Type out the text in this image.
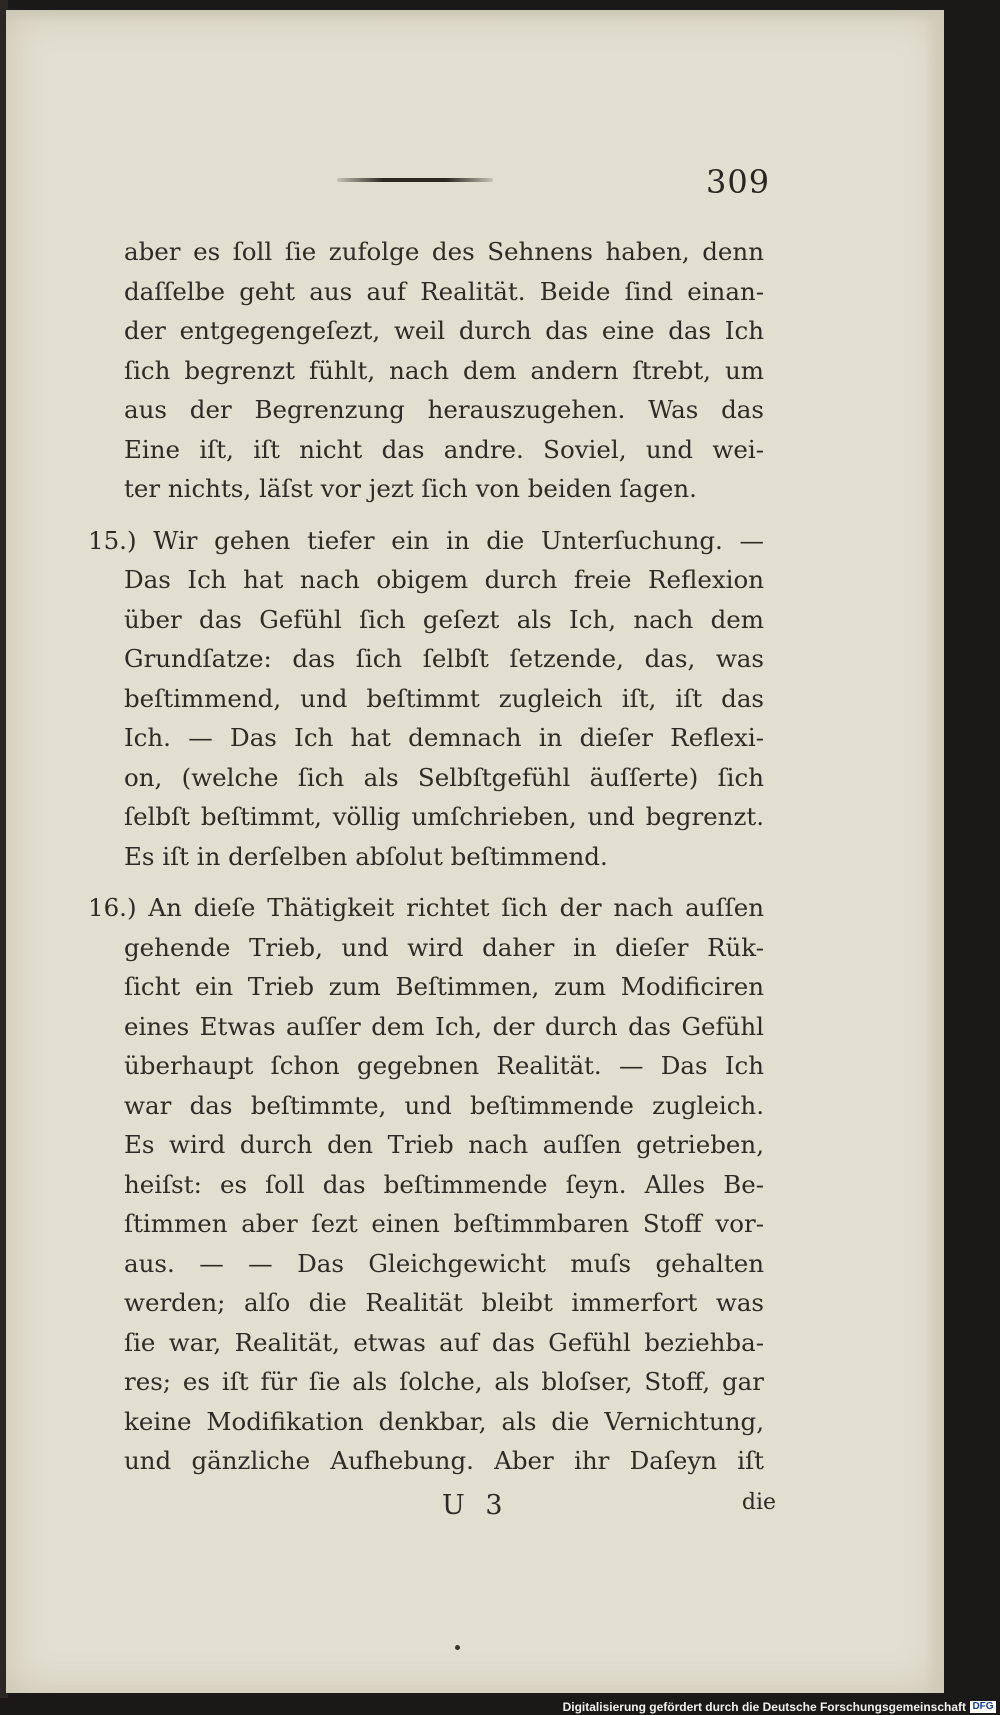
309
aber es ſoll ſie zufolge des Sehnens haben, denn
daſſelbe geht aus auf Realität. Beide ſind einan-
der entgegengeſezt, weil durch das eine das Ich
ſich begrenzt fühlt, nach dem andern ſtrebt, um
aus der Begrenzung herauszugehen. Was das
Eine iſt, iſt nicht das andre. Soviel, und wei-
ter nichts, läſst vor jezt ſich von beiden ſagen.
15.) Wir gehen tiefer ein in die Unterſuchung. —
Das Ich hat nach obigem durch freie Reflexion
über das Gefühl ſich geſezt als Ich, nach dem
Grundſatze: das ſich ſelbſt ſetzende, das, was
beſtimmend, und beſtimmt zugleich iſt, iſt das
Ich. — Das Ich hat demnach in dieſer Reflexi-
on, (welche ſich als Selbſtgefühl äuſſerte) ſich
ſelbſt beſtimmt, völlig umſchrieben, und begrenzt.
Es iſt in derſelben abſolut beſtimmend.
16.) An dieſe Thätigkeit richtet ſich der nach auſſen
gehende Trieb, und wird daher in dieſer Rük-
ſicht ein Trieb zum Beſtimmen, zum Modificiren
eines Etwas auſſer dem Ich, der durch das Gefühl
überhaupt ſchon gegebnen Realität. — Das Ich
war das beſtimmte, und beſtimmende zugleich.
Es wird durch den Trieb nach auſſen getrieben,
heiſst: es ſoll das beſtimmende ſeyn. Alles Be-
ſtimmen aber ſezt einen beſtimmbaren Stoff vor-
aus. — — Das Gleichgewicht muſs gehalten
werden; alſo die Realität bleibt immerfort was
ſie war, Realität, etwas auf das Gefühl beziehba-
res; es iſt für ſie als ſolche, als bloſser, Stoff, gar
keine Modifikation denkbar, als die Vernichtung,
und gänzliche Aufhebung. Aber ihr Daſeyn iſt
U 3	die
Digitalisierung gefördert durch die Deutsche Forschungsgemeinschaft DFG
